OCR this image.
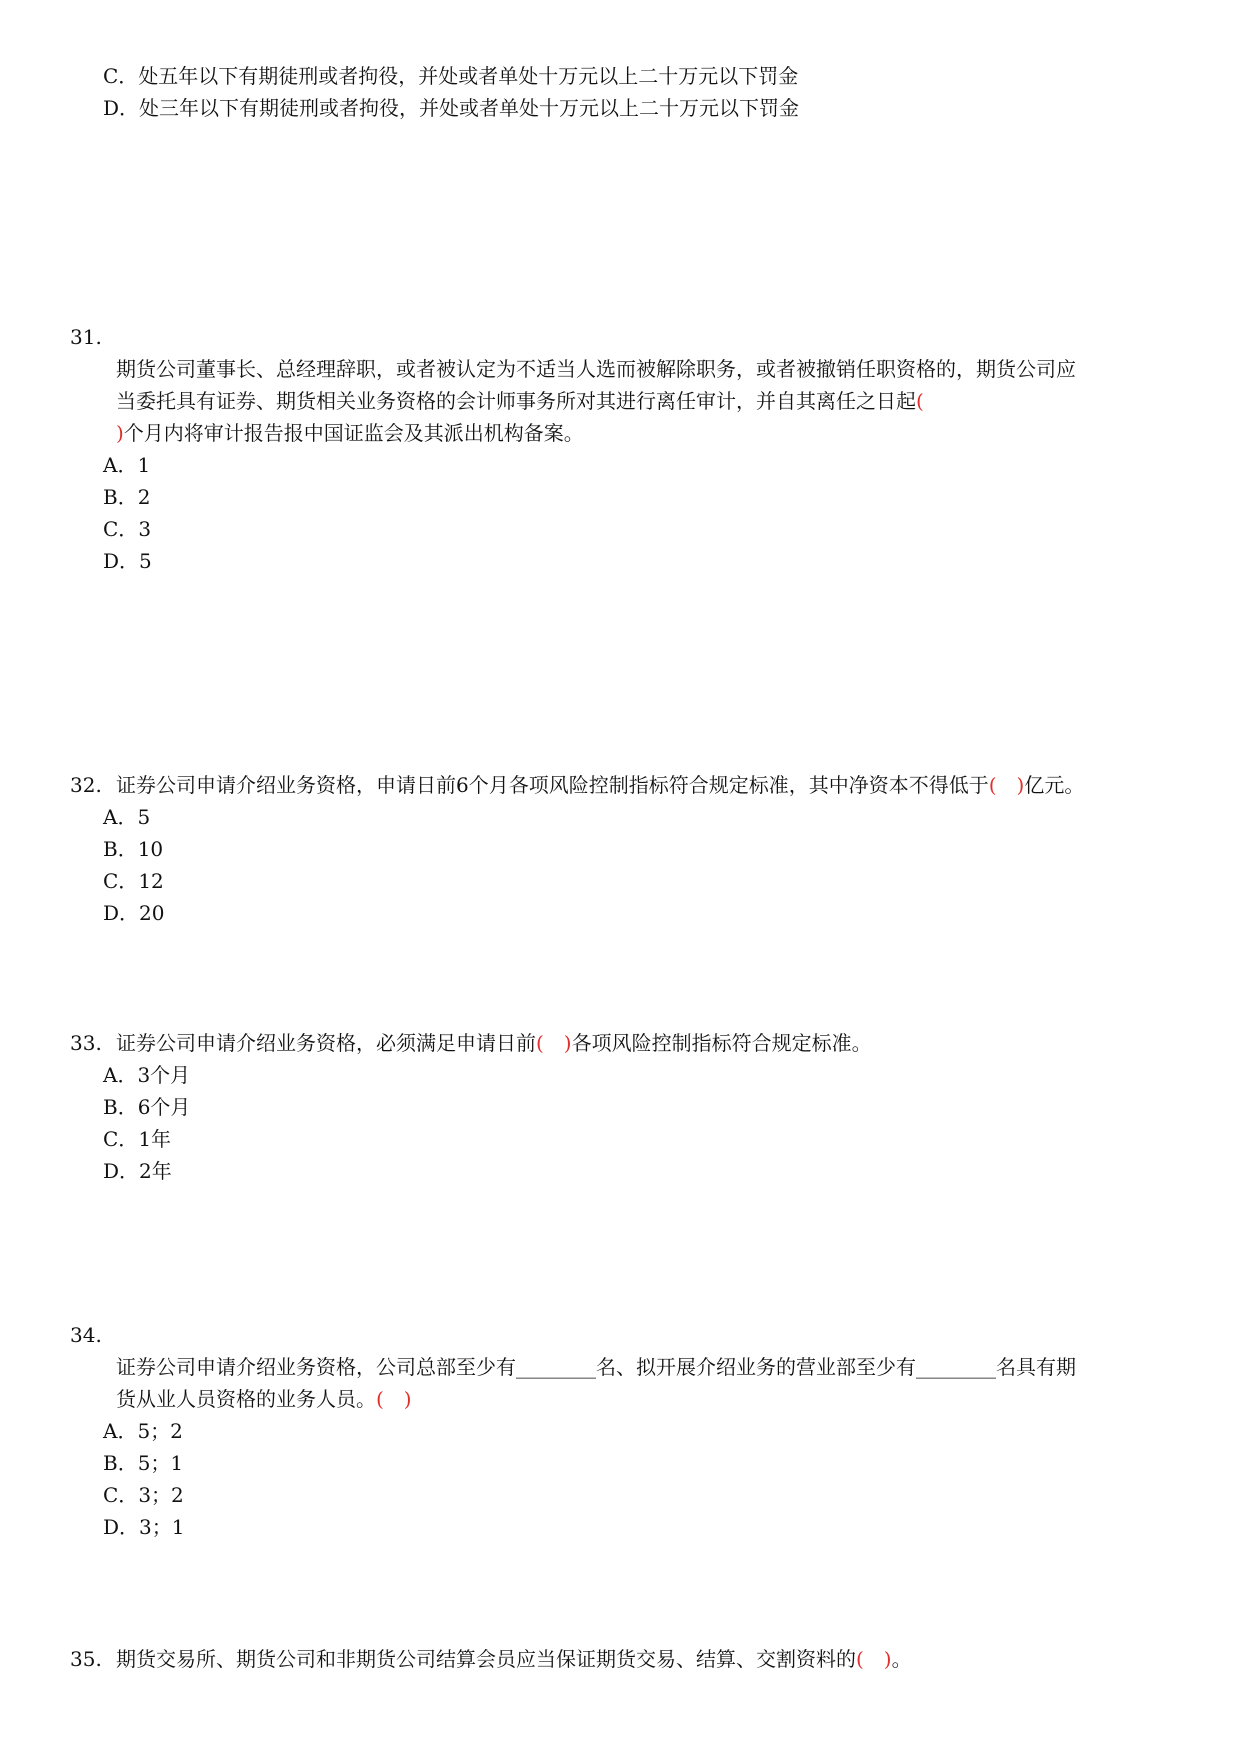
C．处五年以下有期徒刑或者拘役，并处或者单处十万元以上二十万元以下罚金
D．处三年以下有期徒刑或者拘役，并处或者单处十万元以上二十万元以下罚金
31.
期货公司董事长、总经理辞职，或者被认定为不适当人选而被解除职务，或者被撤销任职资格的，期货公司应
当委托具有证券、期货相关业务资格的会计师事务所对其进行离任审计，并自其离任之日起(
)个月内将审计报告报中国证监会及其派出机构备案。
A．1
B．2
C．3
D．5
32. 证券公司申请介绍业务资格，申请日前6个月各项风险控制指标符合规定标准，其中净资本不得低于(　)亿元。
A．5
B．10
C．12
D．20
33. 证券公司申请介绍业务资格，必须满足申请日前(　)各项风险控制指标符合规定标准。
A．3个月
B．6个月
C．1年
D．2年
34.
证券公司申请介绍业务资格，公司总部至少有________名、拟开展介绍业务的营业部至少有________名具有期
货从业人员资格的业务人员。(　)
A．5；2
B．5；1
C．3；2
D．3；1
35. 期货交易所、期货公司和非期货公司结算会员应当保证期货交易、结算、交割资料的(　)。
